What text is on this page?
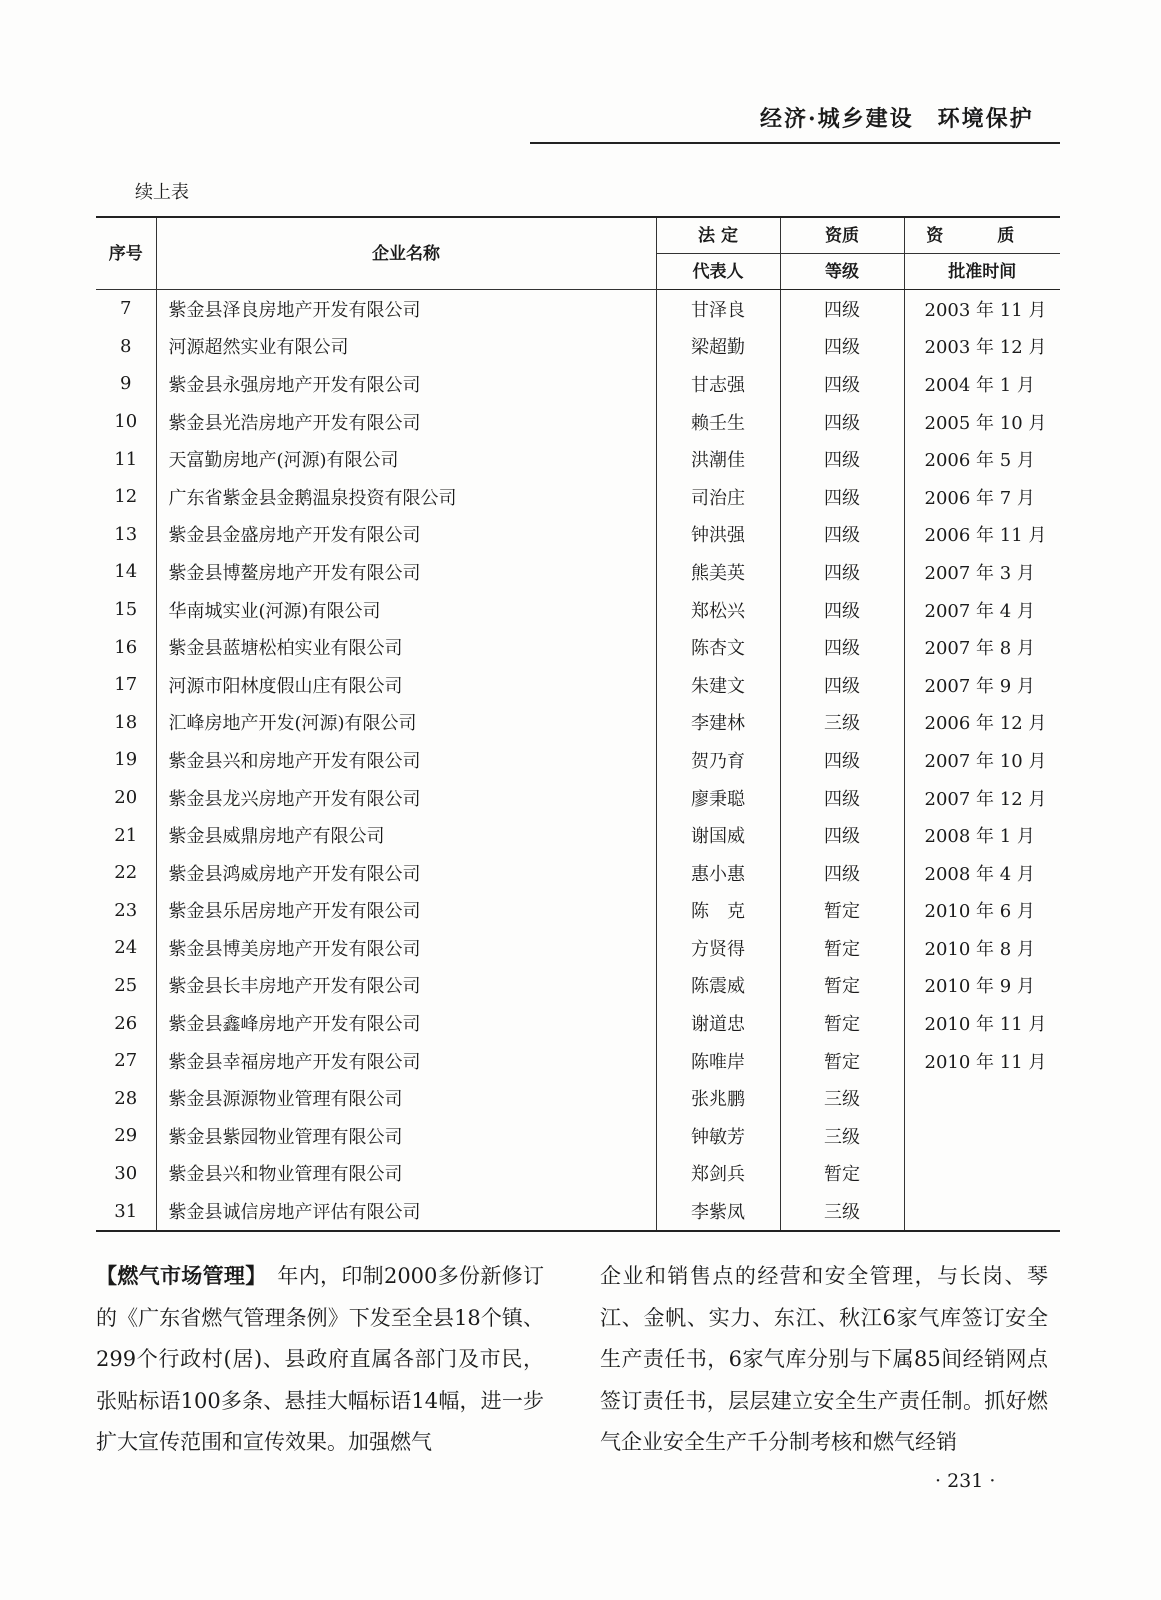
经济·城乡建设　环境保护
续上表
序号	企业名称	法 定	资质	资 质
		代表人	等级	批准时间
7	紫金县泽良房地产开发有限公司	甘泽良	四级	2003 年 11 月
8	河源超然实业有限公司	梁超勤	四级	2003 年 12 月
9	紫金县永强房地产开发有限公司	甘志强	四级	2004 年 1 月
10	紫金县光浩房地产开发有限公司	赖壬生	四级	2005 年 10 月
11	天富勤房地产(河源)有限公司	洪潮佳	四级	2006 年 5 月
12	广东省紫金县金鹅温泉投资有限公司	司治庄	四级	2006 年 7 月
13	紫金县金盛房地产开发有限公司	钟洪强	四级	2006 年 11 月
14	紫金县博鳌房地产开发有限公司	熊美英	四级	2007 年 3 月
15	华南城实业(河源)有限公司	郑松兴	四级	2007 年 4 月
16	紫金县蓝塘松柏实业有限公司	陈杏文	四级	2007 年 8 月
17	河源市阳林度假山庄有限公司	朱建文	四级	2007 年 9 月
18	汇峰房地产开发(河源)有限公司	李建林	三级	2006 年 12 月
19	紫金县兴和房地产开发有限公司	贺乃育	四级	2007 年 10 月
20	紫金县龙兴房地产开发有限公司	廖秉聪	四级	2007 年 12 月
21	紫金县威鼎房地产有限公司	谢国威	四级	2008 年 1 月
22	紫金县鸿威房地产开发有限公司	惠小惠	四级	2008 年 4 月
23	紫金县乐居房地产开发有限公司	陈　克	暂定	2010 年 6 月
24	紫金县博美房地产开发有限公司	方贤得	暂定	2010 年 8 月
25	紫金县长丰房地产开发有限公司	陈震威	暂定	2010 年 9 月
26	紫金县鑫峰房地产开发有限公司	谢道忠	暂定	2010 年 11 月
27	紫金县幸福房地产开发有限公司	陈唯岸	暂定	2010 年 11 月
28	紫金县源源物业管理有限公司	张兆鹏	三级	
29	紫金县紫园物业管理有限公司	钟敏芳	三级	
30	紫金县兴和物业管理有限公司	郑剑兵	暂定	
31	紫金县诚信房地产评估有限公司	李紫凤	三级	

【燃气市场管理】　 年内，印制2000多份新修订的《广东省燃气管理条例》下发至全县18个镇、299个行政村(居)、县政府直属各部门及市民，张贴标语100多条、悬挂大幅标语14幅，进一步扩大宣传范围和宣传效果。加强燃气

企业和销售点的经营和安全管理，与长岗、琴江、金帆、实力、东江、秋江6家气库签订安全生产责任书，6家气库分别与下属85间经销网点签订责任书，层层建立安全生产责任制。抓好燃气企业安全生产千分制考核和燃气经销

· 231 ·
